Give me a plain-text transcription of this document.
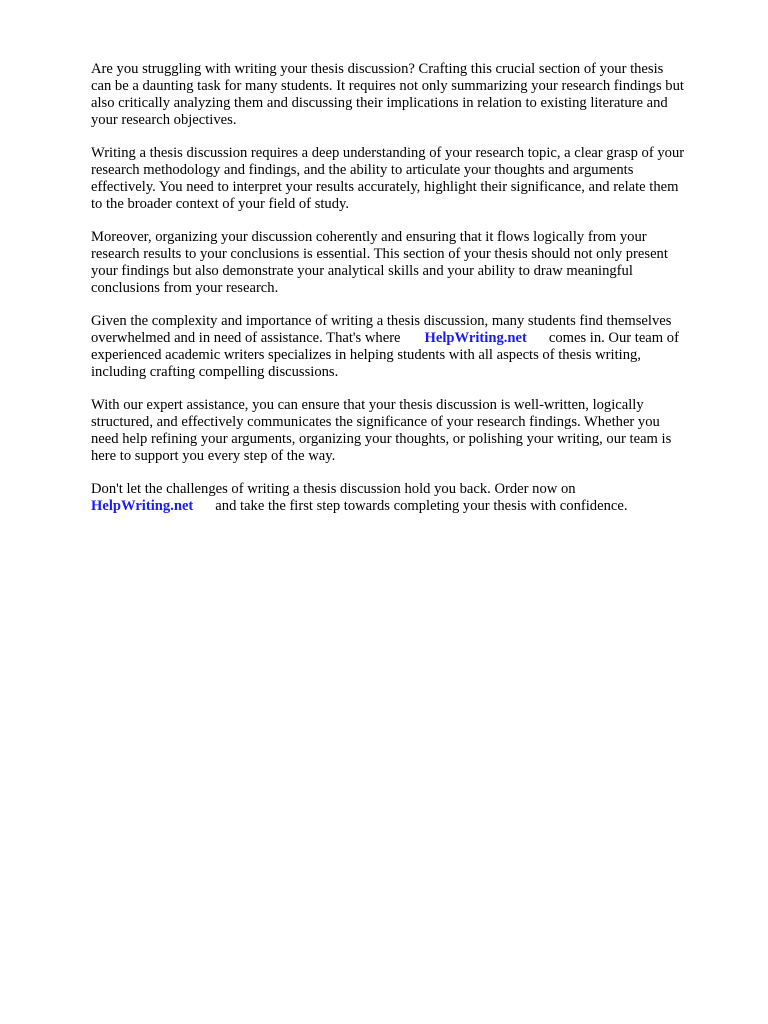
Are you struggling with writing your thesis discussion? Crafting this crucial section of your thesis
can be a daunting task for many students. It requires not only summarizing your research findings but
also critically analyzing them and discussing their implications in relation to existing literature and
your research objectives.

Writing a thesis discussion requires a deep understanding of your research topic, a clear grasp of your
research methodology and findings, and the ability to articulate your thoughts and arguments
effectively. You need to interpret your results accurately, highlight their significance, and relate them
to the broader context of your field of study.

Moreover, organizing your discussion coherently and ensuring that it flows logically from your
research results to your conclusions is essential. This section of your thesis should not only present
your findings but also demonstrate your analytical skills and your ability to draw meaningful
conclusions from your research.

Given the complexity and importance of writing a thesis discussion, many students find themselves
overwhelmed and in need of assistance. That's where HelpWriting.net comes in. Our team of
experienced academic writers specializes in helping students with all aspects of thesis writing,
including crafting compelling discussions.

With our expert assistance, you can ensure that your thesis discussion is well-written, logically
structured, and effectively communicates the significance of your research findings. Whether you
need help refining your arguments, organizing your thoughts, or polishing your writing, our team is
here to support you every step of the way.

Don't let the challenges of writing a thesis discussion hold you back. Order now on
HelpWriting.net and take the first step towards completing your thesis with confidence.
